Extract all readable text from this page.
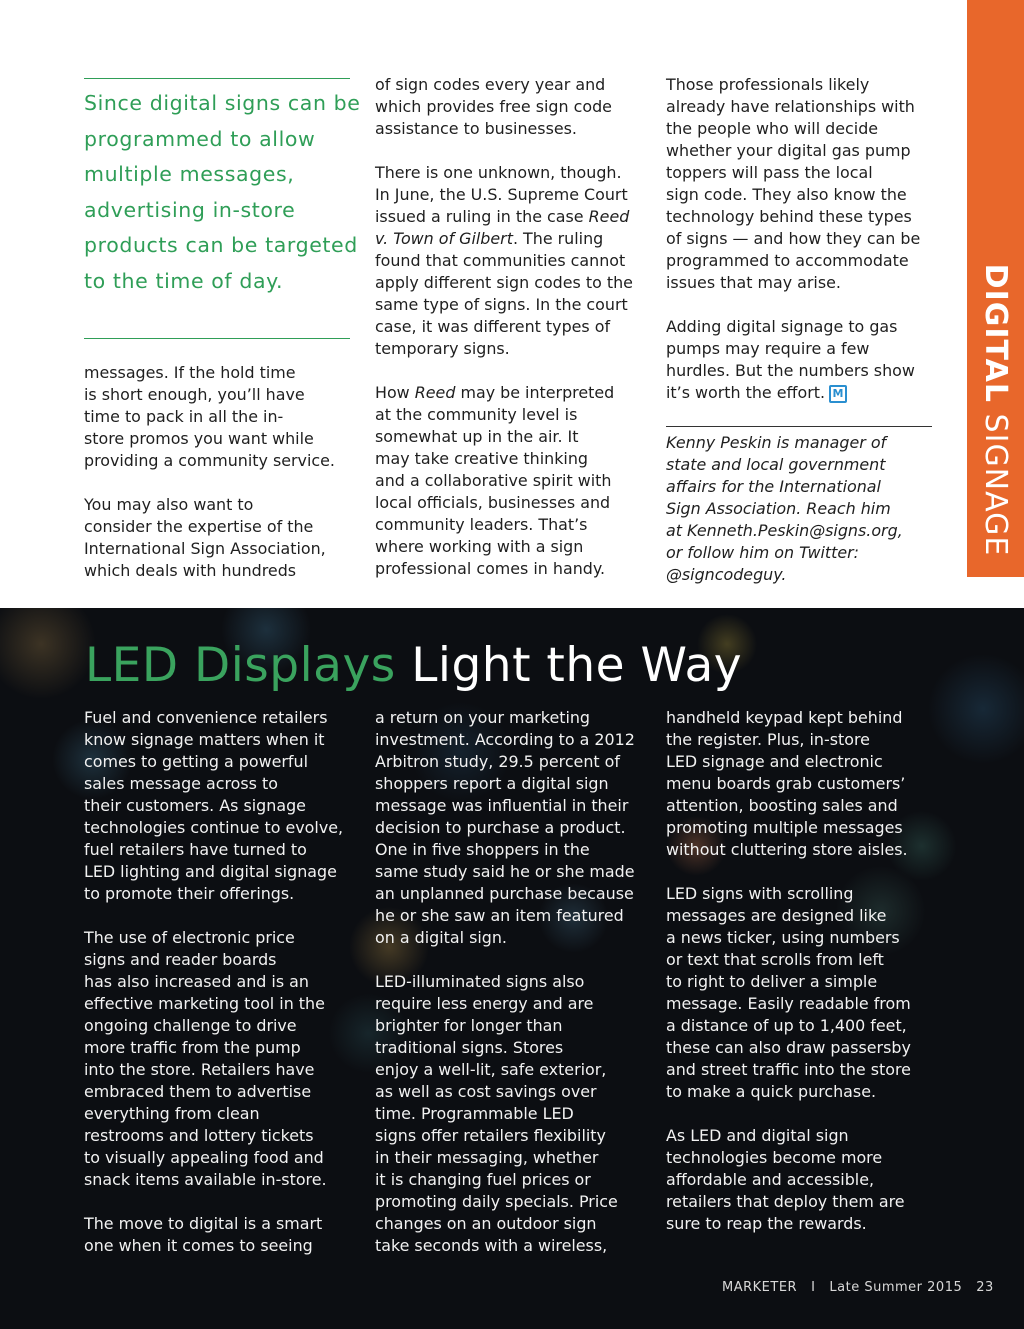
DIGITAL SIGNAGE
Since digital signs can be programmed to allow multiple messages, advertising in-store products can be targeted to the time of day.

messages. If the hold time
is short enough, you’ll have
time to pack in all the in-
store promos you want while
providing a community service.

You may also want to
consider the expertise of the
International Sign Association,
which deals with hundreds

of sign codes every year and
which provides free sign code
assistance to businesses.

There is one unknown, though.
In June, the U.S. Supreme Court
issued a ruling in the case Reed
v. Town of Gilbert. The ruling
found that communities cannot
apply different sign codes to the
same type of signs. In the court
case, it was different types of
temporary signs.

How Reed may be interpreted
at the community level is
somewhat up in the air. It
may take creative thinking
and a collaborative spirit with
local officials, businesses and
community leaders. That’s
where working with a sign
professional comes in handy.

Those professionals likely
already have relationships with
the people who will decide
whether your digital gas pump
toppers will pass the local
sign code. They also know the
technology behind these types
of signs — and how they can be
programmed to accommodate
issues that may arise.

Adding digital signage to gas
pumps may require a few
hurdles. But the numbers show
it’s worth the effort. M

Kenny Peskin is manager of
state and local government
affairs for the International
Sign Association. Reach him
at Kenneth.Peskin@signs.org,
or follow him on Twitter:
@signcodeguy.

LED Displays Light the Way

Fuel and convenience retailers
know signage matters when it
comes to getting a powerful
sales message across to
their customers. As signage
technologies continue to evolve,
fuel retailers have turned to
LED lighting and digital signage
to promote their offerings.

The use of electronic price
signs and reader boards
has also increased and is an
effective marketing tool in the
ongoing challenge to drive
more traffic from the pump
into the store. Retailers have
embraced them to advertise
everything from clean
restrooms and lottery tickets
to visually appealing food and
snack items available in-store.

The move to digital is a smart
one when it comes to seeing

a return on your marketing
investment. According to a 2012
Arbitron study, 29.5 percent of
shoppers report a digital sign
message was influential in their
decision to purchase a product.
One in five shoppers in the
same study said he or she made
an unplanned purchase because
he or she saw an item featured
on a digital sign.

LED-illuminated signs also
require less energy and are
brighter for longer than
traditional signs. Stores
enjoy a well-lit, safe exterior,
as well as cost savings over
time. Programmable LED
signs offer retailers flexibility
in their messaging, whether
it is changing fuel prices or
promoting daily specials. Price
changes on an outdoor sign
take seconds with a wireless,

handheld keypad kept behind
the register. Plus, in-store
LED signage and electronic
menu boards grab customers’
attention, boosting sales and
promoting multiple messages
without cluttering store aisles.

LED signs with scrolling
messages are designed like
a news ticker, using numbers
or text that scrolls from left
to right to deliver a simple
message. Easily readable from
a distance of up to 1,400 feet,
these can also draw passersby
and street traffic into the store
to make a quick purchase.

As LED and digital sign
technologies become more
affordable and accessible,
retailers that deploy them are
sure to reap the rewards.

MARKETER I Late Summer 2015 23
